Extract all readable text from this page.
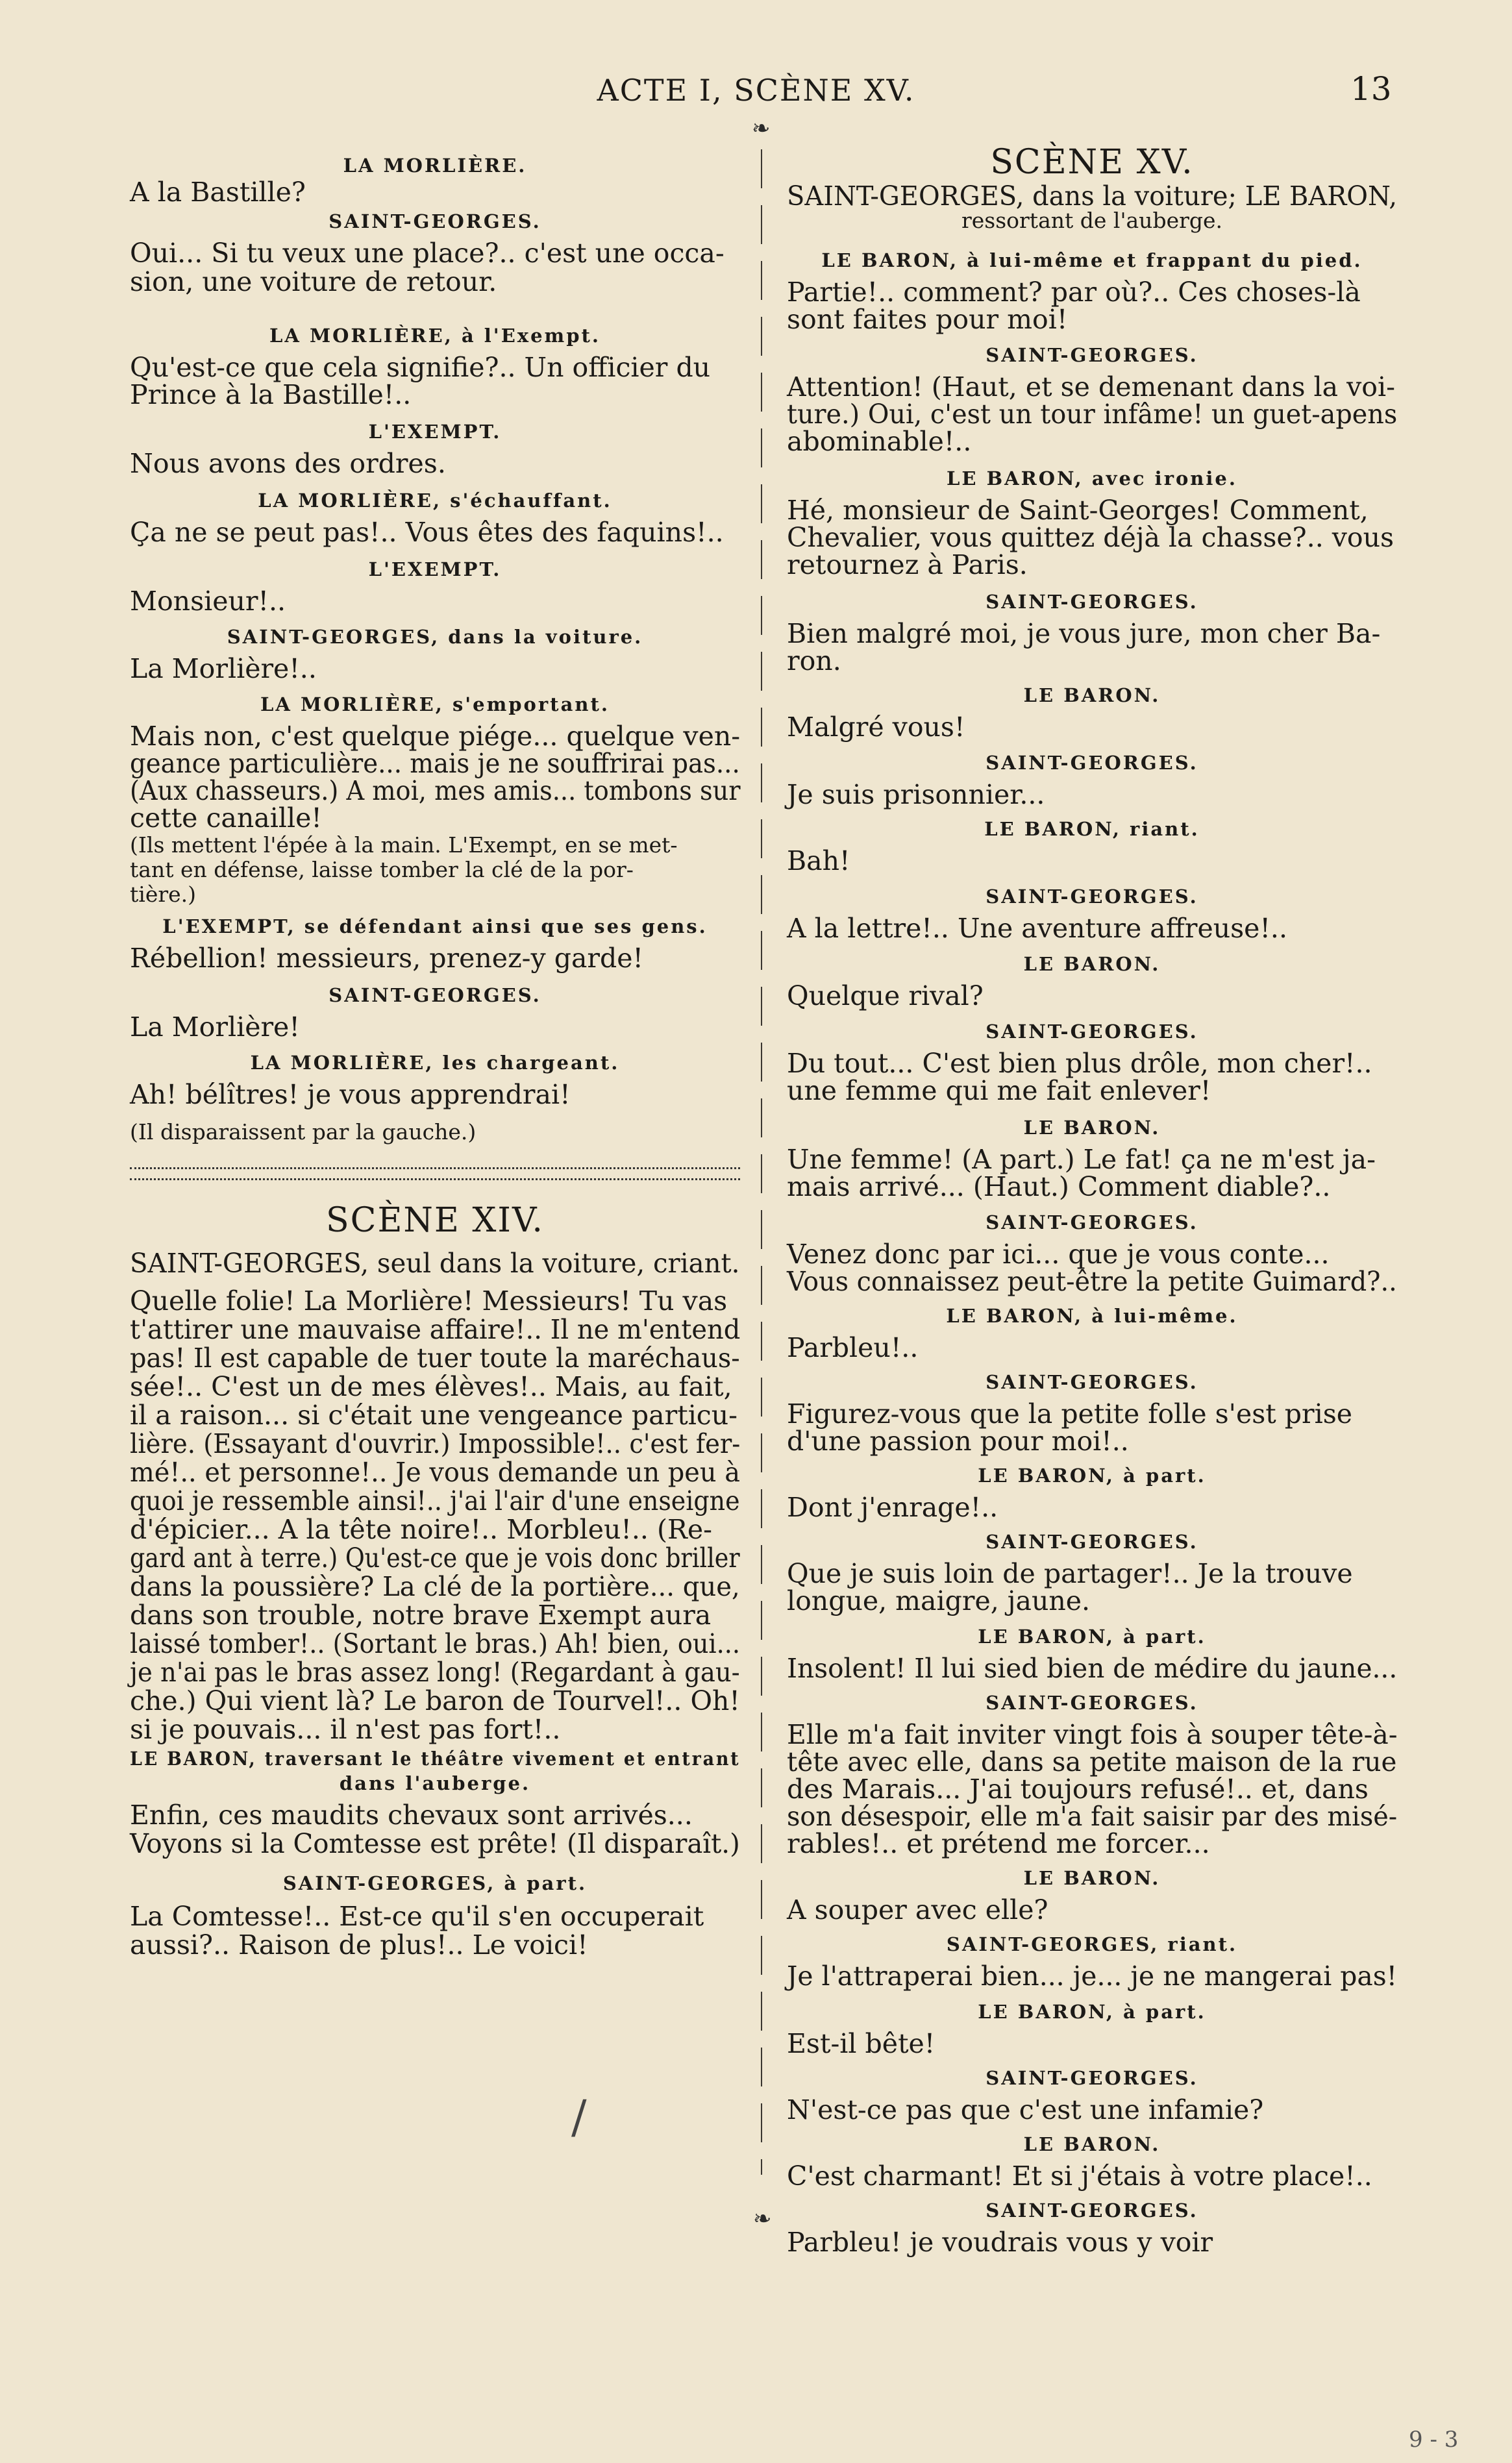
ACTE I, SCÈNE XV.	13
❧
LA MORLIÈRE.
A la Bastille?
SAINT-GEORGES.
Oui... Si tu veux une place?.. c'est une occa-
sion, une voiture de retour.
LA MORLIÈRE, à l'Exempt.
Qu'est-ce que cela signifie?.. Un officier du
Prince à la Bastille!..
L'EXEMPT.
Nous avons des ordres.
LA MORLIÈRE, s'échauffant.
Ça ne se peut pas!.. Vous êtes des faquins!..
L'EXEMPT.
Monsieur!..
SAINT-GEORGES, dans la voiture.
La Morlière!..
LA MORLIÈRE, s'emportant.
Mais non, c'est quelque piége... quelque ven-
geance particulière... mais je ne souffrirai pas...
(Aux chasseurs.) A moi, mes amis... tombons sur
cette canaille!
(Ils mettent l'épée à la main. L'Exempt, en se met-
tant en défense, laisse tomber la clé de la por-
tière.)
L'EXEMPT, se défendant ainsi que ses gens.
Rébellion! messieurs, prenez-y garde!
SAINT-GEORGES.
La Morlière!
LA MORLIÈRE, les chargeant.
Ah! bélîtres! je vous apprendrai!
(Il disparaissent par la gauche.)
SCÈNE XIV.
SAINT-GEORGES, seul dans la voiture, criant.
Quelle folie! La Morlière! Messieurs! Tu vas
t'attirer une mauvaise affaire!.. Il ne m'entend
pas! Il est capable de tuer toute la maréchaus-
sée!.. C'est un de mes élèves!.. Mais, au fait,
il a raison... si c'était une vengeance particu-
lière. (Essayant d'ouvrir.) Impossible!.. c'est fer-
mé!.. et personne!.. Je vous demande un peu à
quoi je ressemble ainsi!.. j'ai l'air d'une enseigne
d'épicier... A la tête noire!.. Morbleu!.. (Re-
gard ant à terre.) Qu'est-ce que je vois donc briller
dans la poussière? La clé de la portière... que,
dans son trouble, notre brave Exempt aura
laissé tomber!.. (Sortant le bras.) Ah! bien, oui...
je n'ai pas le bras assez long! (Regardant à gau-
che.) Qui vient là? Le baron de Tourvel!.. Oh!
si je pouvais... il n'est pas fort!..
LE BARON, traversant le théâtre vivement et entrant
dans l'auberge.
Enfin, ces maudits chevaux sont arrivés...
Voyons si la Comtesse est prête! (Il disparaît.)
SAINT-GEORGES, à part.
La Comtesse!.. Est-ce qu'il s'en occuperait
aussi?.. Raison de plus!.. Le voici!
SCÈNE XV.
SAINT-GEORGES, dans la voiture; LE BARON,
ressortant de l'auberge.
LE BARON, à lui-même et frappant du pied.
Partie!.. comment? par où?.. Ces choses-là
sont faites pour moi!
SAINT-GEORGES.
Attention! (Haut, et se demenant dans la voi-
ture.) Oui, c'est un tour infâme! un guet-apens
abominable!..
LE BARON, avec ironie.
Hé, monsieur de Saint-Georges! Comment,
Chevalier, vous quittez déjà la chasse?.. vous
retournez à Paris.
SAINT-GEORGES.
Bien malgré moi, je vous jure, mon cher Ba-
ron.
LE BARON.
Malgré vous!
SAINT-GEORGES.
Je suis prisonnier...
LE BARON, riant.
Bah!
SAINT-GEORGES.
A la lettre!.. Une aventure affreuse!..
LE BARON.
Quelque rival?
SAINT-GEORGES.
Du tout... C'est bien plus drôle, mon cher!..
une femme qui me fait enlever!
LE BARON.
Une femme! (A part.) Le fat! ça ne m'est ja-
mais arrivé... (Haut.) Comment diable?..
SAINT-GEORGES.
Venez donc par ici... que je vous conte...
Vous connaissez peut-être la petite Guimard?..
LE BARON, à lui-même.
Parbleu!..
SAINT-GEORGES.
Figurez-vous que la petite folle s'est prise
d'une passion pour moi!..
LE BARON, à part.
Dont j'enrage!..
SAINT-GEORGES.
Que je suis loin de partager!.. Je la trouve
longue, maigre, jaune.
LE BARON, à part.
Insolent! Il lui sied bien de médire du jaune...
SAINT-GEORGES.
Elle m'a fait inviter vingt fois à souper tête-à-
tête avec elle, dans sa petite maison de la rue
des Marais... J'ai toujours refusé!.. et, dans
son désespoir, elle m'a fait saisir par des misé-
rables!.. et prétend me forcer...
LE BARON.
A souper avec elle?
SAINT-GEORGES, riant.
Je l'attraperai bien... je... je ne mangerai pas!
LE BARON, à part.
Est-il bête!
SAINT-GEORGES.
N'est-ce pas que c'est une infamie?
LE BARON.
C'est charmant! Et si j'étais à votre place!..
SAINT-GEORGES.
Parbleu! je voudrais vous y voir
❧
/
9 - 3
